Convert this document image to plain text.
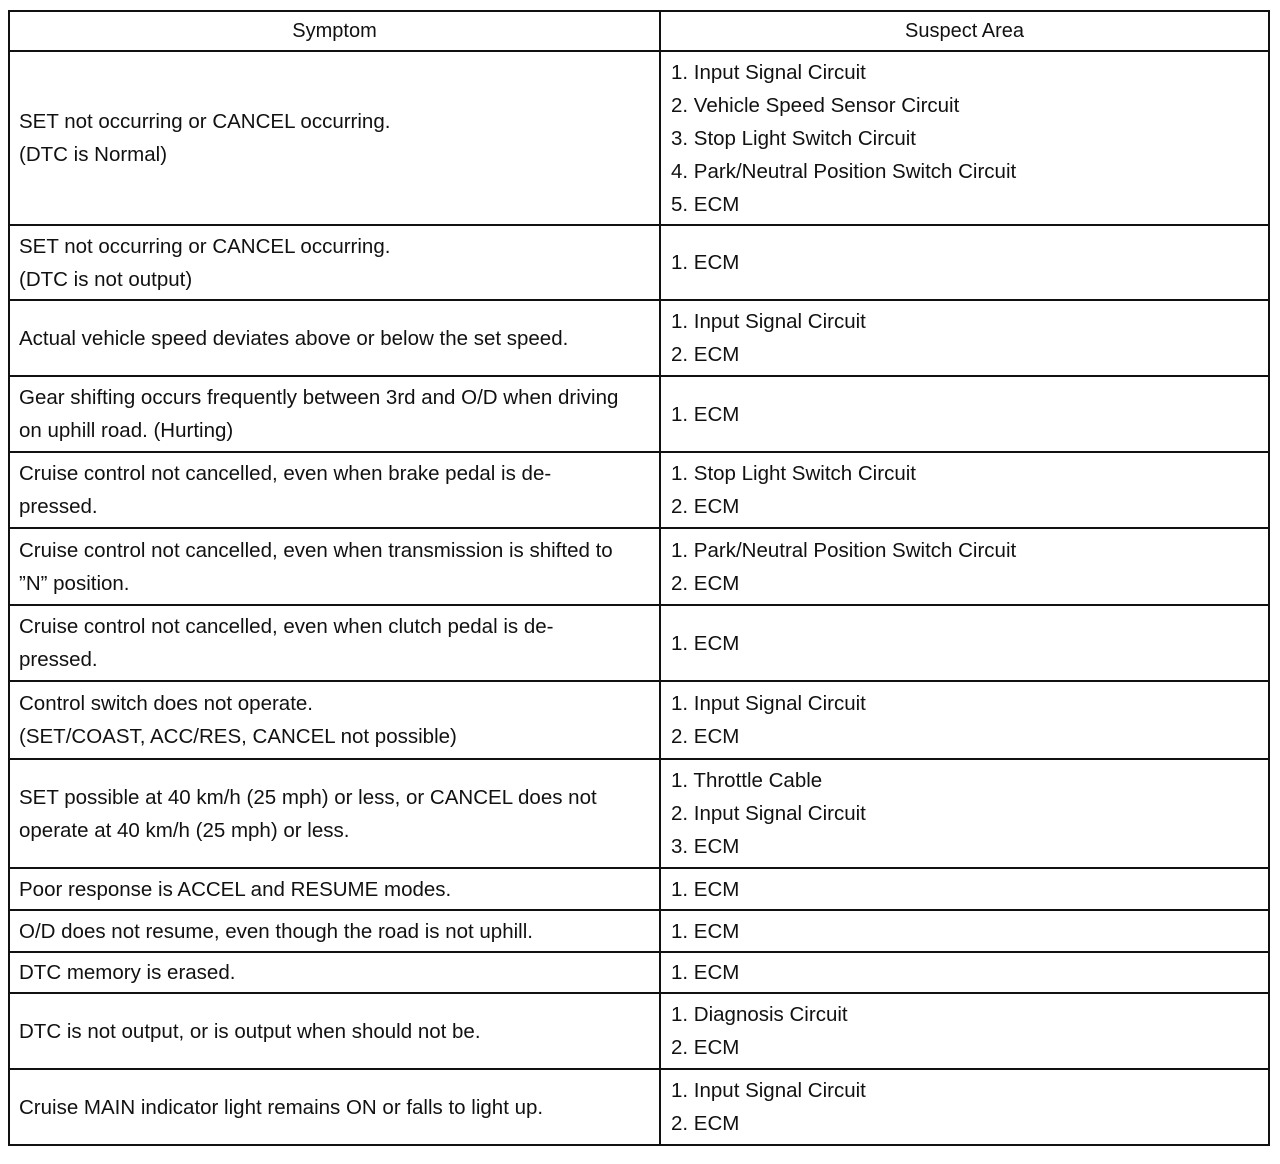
Symptom	Suspect Area

SET not occurring or CANCEL occurring.
(DTC is Normal)	1. Input Signal Circuit
2. Vehicle Speed Sensor Circuit
3. Stop Light Switch Circuit
4. Park/Neutral Position Switch Circuit
5. ECM

SET not occurring or CANCEL occurring.
(DTC is not output)	1. ECM

Actual vehicle speed deviates above or below the set speed.	1. Input Signal Circuit
2. ECM

Gear shifting occurs frequently between 3rd and O/D when driving
on uphill road. (Hurting)	1. ECM

Cruise control not cancelled, even when brake pedal is de-
pressed.	1. Stop Light Switch Circuit
2. ECM

Cruise control not cancelled, even when transmission is shifted to
”N” position.	1. Park/Neutral Position Switch Circuit
2. ECM

Cruise control not cancelled, even when clutch pedal is de-
pressed.	1. ECM

Control switch does not operate.
(SET/COAST, ACC/RES, CANCEL not possible)	1. Input Signal Circuit
2. ECM

SET possible at 40 km/h (25 mph) or less, or CANCEL does not
operate at 40 km/h (25 mph) or less.	1. Throttle Cable
2. Input Signal Circuit
3. ECM

Poor response is ACCEL and RESUME modes.	1. ECM

O/D does not resume, even though the road is not uphill.	1. ECM

DTC memory is erased.	1. ECM

DTC is not output, or is output when should not be.	1. Diagnosis Circuit
2. ECM

Cruise MAIN indicator light remains ON or falls to light up.	1. Input Signal Circuit
2. ECM
